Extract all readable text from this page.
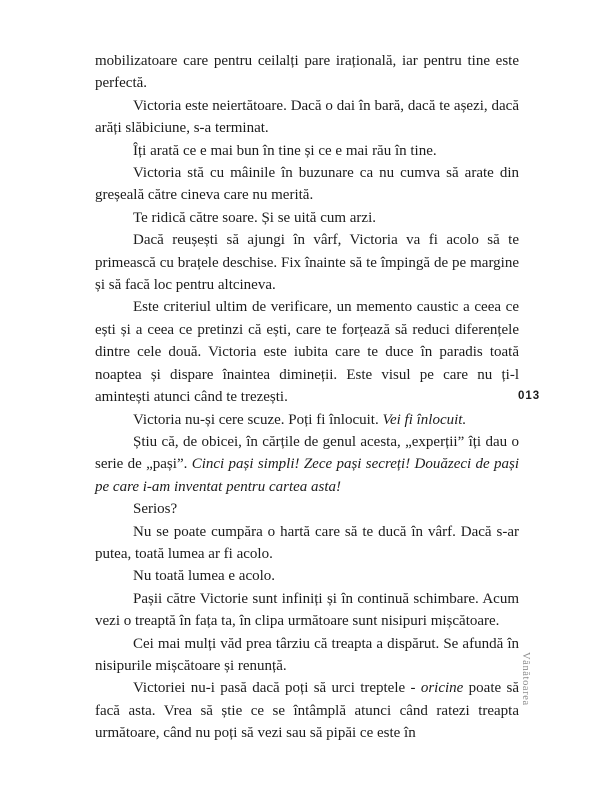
mobilizatoare care pentru ceilalți pare irațională, iar pentru tine este perfectă.

Victoria este neiertătoare. Dacă o dai în bară, dacă te așezi, dacă arăți slăbiciune, s-a terminat.

Îți arată ce e mai bun în tine și ce e mai rău în tine.

Victoria stă cu mâinile în buzunare ca nu cumva să arate din greșeală către cineva care nu merită.

Te ridică către soare. Și se uită cum arzi.

Dacă reușești să ajungi în vârf, Victoria va fi acolo să te primească cu brațele deschise. Fix înainte să te împingă de pe margine și să facă loc pentru altcineva.

Este criteriul ultim de verificare, un memento caustic a ceea ce ești și a ceea ce pretinzi că ești, care te forțează să reduci diferențele dintre cele două. Victoria este iubita care te duce în paradis toată noaptea și dispare înaintea dimineții. Este visul pe care nu ți-l amintești atunci când te trezești.

Victoria nu-și cere scuze. Poți fi înlocuit. Vei fi înlocuit.

Știu că, de obicei, în cărțile de genul acesta, „experții” îți dau o serie de „pași”. Cinci pași simpli! Zece pași secreți! Douăzeci de pași pe care i-am inventat pentru cartea asta!

Serios?

Nu se poate cumpăra o hartă care să te ducă în vârf. Dacă s-ar putea, toată lumea ar fi acolo.

Nu toată lumea e acolo.

Pașii către Victorie sunt infiniți și în continuă schimbare. Acum vezi o treaptă în fața ta, în clipa următoare sunt nisipuri mișcătoare.

Cei mai mulți văd prea târziu că treapta a dispărut. Se afundă în nisipurile mișcătoare și renunță.

Victoriei nu-i pasă dacă poți să urci treptele - oricine poate să facă asta. Vrea să știe ce se întâmplă atunci când ratezi treapta următoare, când nu poți să vezi sau să pipăi ce este în

013
Vânătoarea
